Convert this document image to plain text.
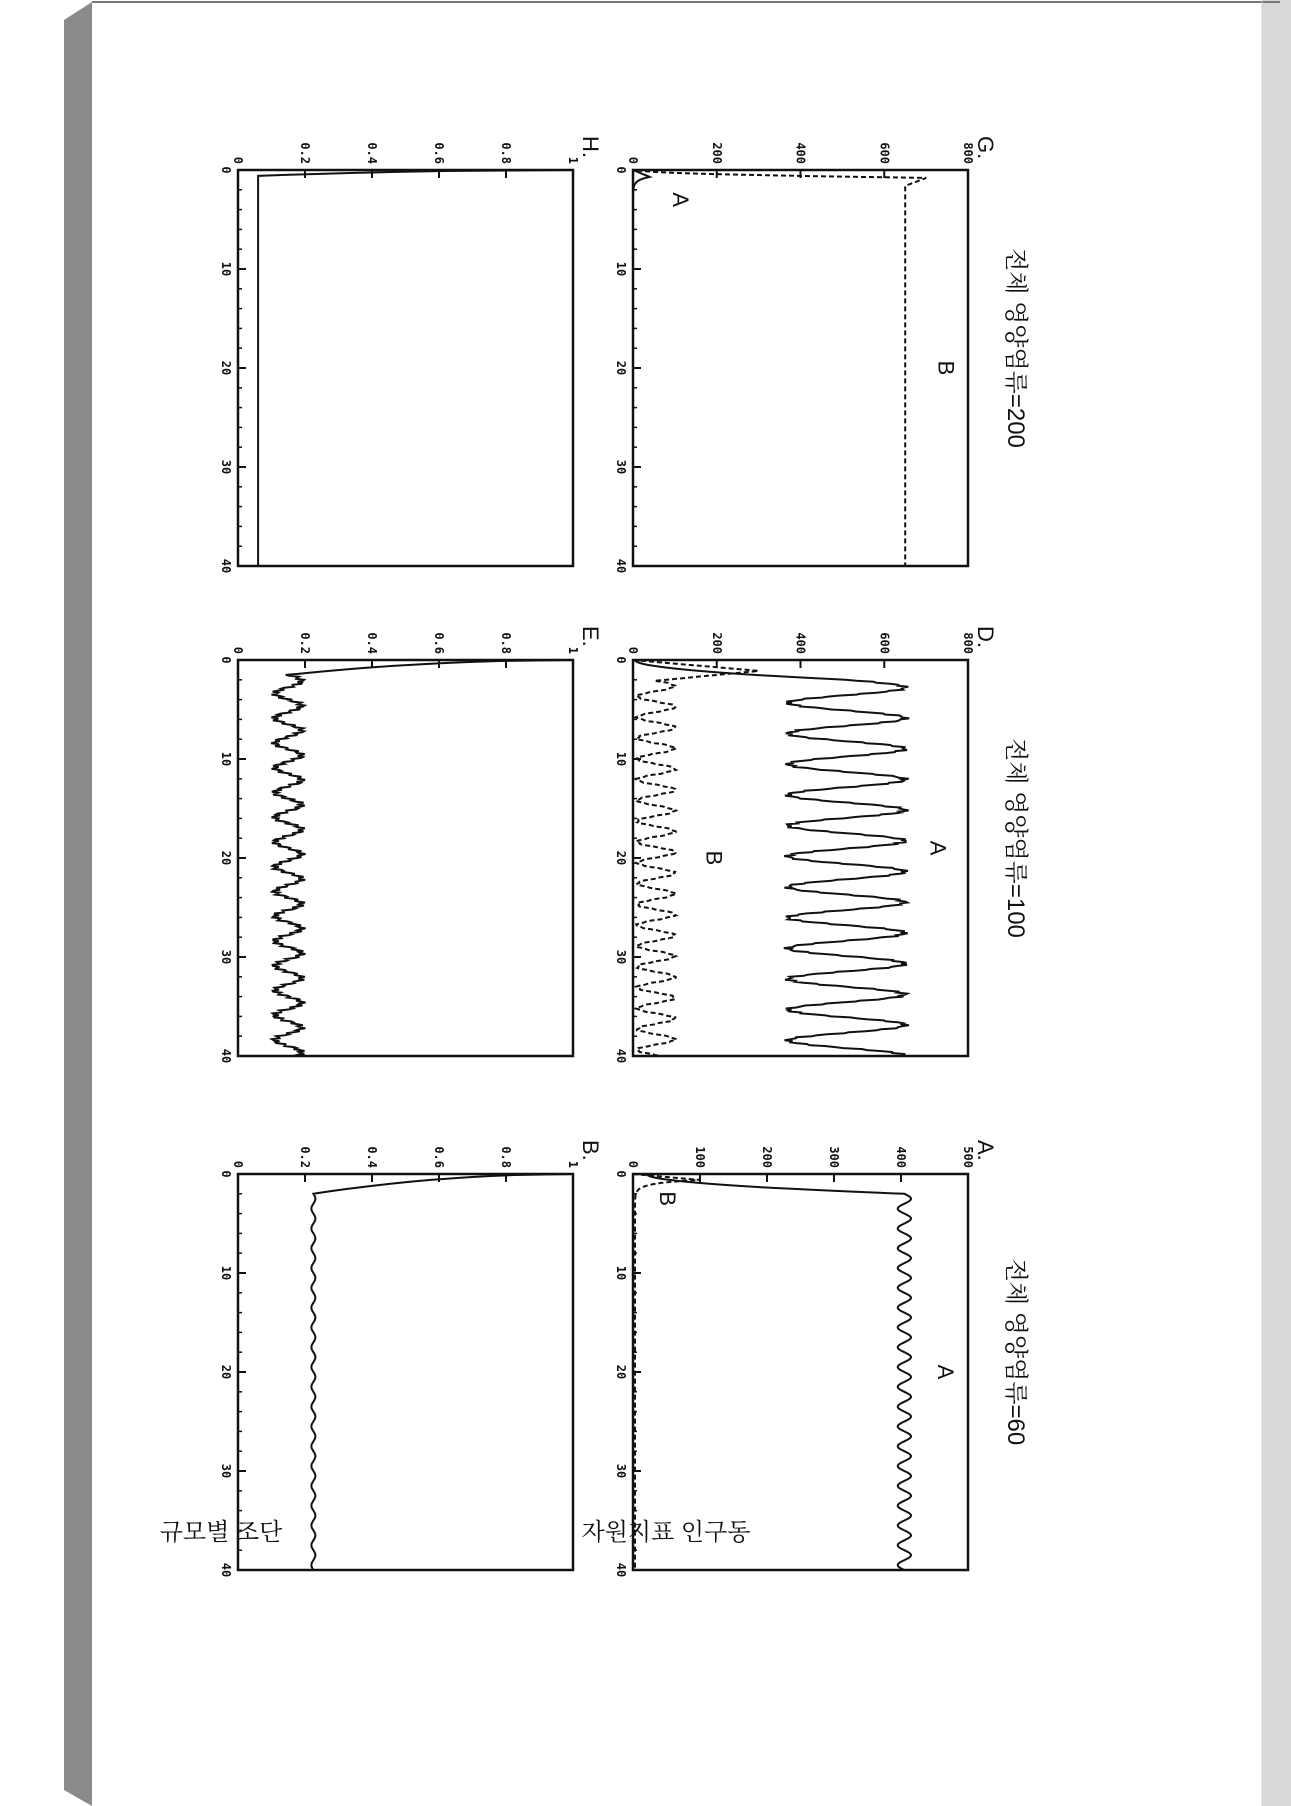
0
10
20
30
40
0	100	200	300	400	500
A.
전체 영양염류=60
A
B
0
10
20
30
40
0	0.2	0.4	0.6	0.8	1
B.
0
10
20
30
40
0	200	400	600	800
D.
전체 영양염류=100
A
B
0
10
20
30
40
0	0.2	0.4	0.6	0.8	1
E.
0
10
20
30
40
0	200	400	600	800
G.
전체 영양염류=200
B
A
0
10
20
30
40
0	0.2	0.4	0.6	0.8	1
H.
규모별 조단	자원지표 인구동
